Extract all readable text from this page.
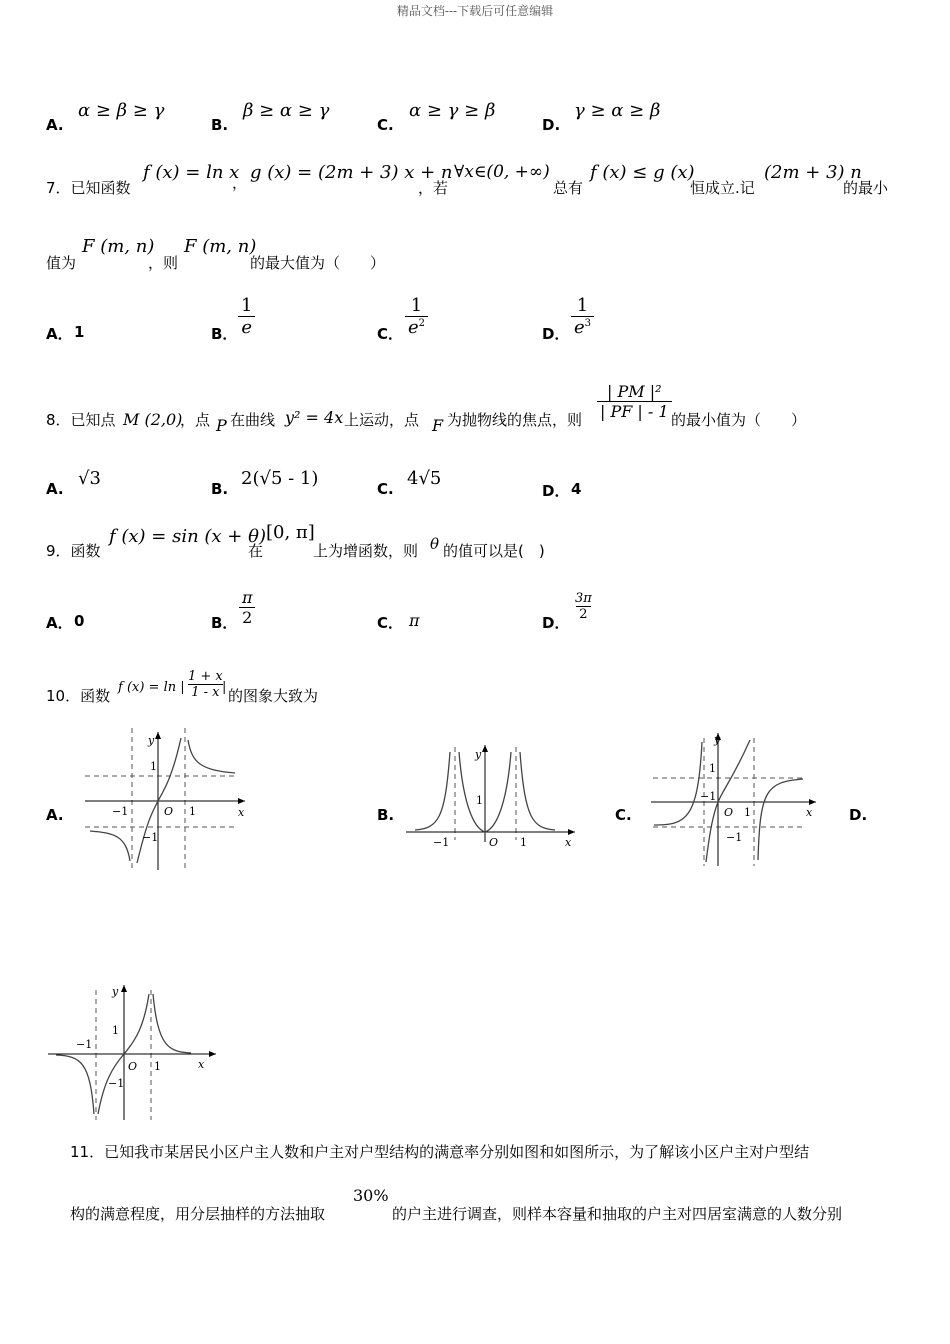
精品文档---下载后可任意编辑
A.
α ≥ β ≥ γ
B.
β ≥ α ≥ γ
C.
α ≥ γ ≥ β
D.
γ ≥ α ≥ β
7．已知函数
f (x) = ln x
， g (x) = (2m + 3) x + n
，若
∀x∈(0, +∞)
总有
f (x) ≤ g (x)
恒成立.记
(2m + 3) n
的最小
值为
F (m, n)
，则
F (m, n)
的最大值为（　　）
A． 1	B． $\frac{1}{e}$	C． $\frac{1}{e^2}$	D． $\frac{1}{e^3}$
8．已知点 M (2,0)
，点 P 在曲线 y² = 4x 上运动，点 F 为抛物线的焦点，则 $\frac{\text{| PM |²}}{| PF | - 1}$ 的最小值为（　　）
A. √3	B. 2(√5 - 1)	C. 4√5
D． 4
9．函数
f (x) = sin (x + θ)
在
[0, π]
上为增函数，则 θ 的值可以是(　)
A． 0	B． $\frac{\pi}{2}$	C． π	D．
$\frac{3\pi}{2}$
10．函数 f (x) = ln | $\frac{1 + x}{1 - x}$
| 的图象大致为
A.	B.	C.	D.
y
x
O
1
1
−1
−1
y
x
O
1
1
−1
y
x
O
1
1
−1
−1
y
x
O
1
1
−1
−1
11．已知我市某居民小区户主人数和户主对户型结构的满意率分别如图和如图所示，为了解该小区户主对户型结
构的满意程度，用分层抽样的方法抽取
30%
的户主进行调查，则样本容量和抽取的户主对四居室满意的人数分别
